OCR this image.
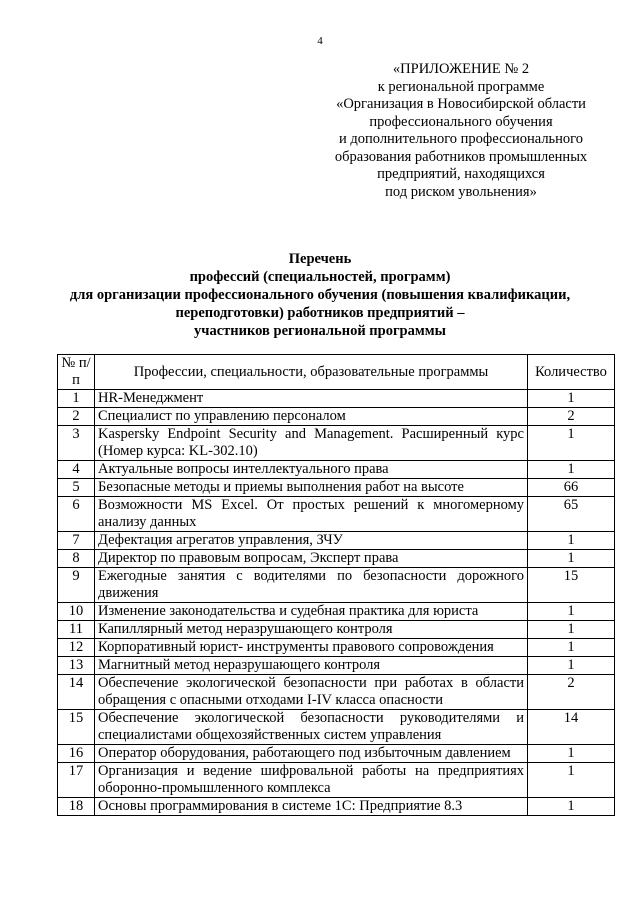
4
«ПРИЛОЖЕНИЕ № 2
к региональной программе
«Организация в Новосибирской области
профессионального обучения
и дополнительного профессионального
образования работников промышленных
предприятий, находящихся
под риском увольнения»
Перечень
профессий (специальностей, программ)
для организации профессионального обучения (повышения квалификации,
переподготовки) работников предприятий –
участников региональной программы
№ п/п	Профессии, специальности, образовательные программы	Количество
1	HR-Менеджмент	1
2	Специалист по управлению персоналом	2
3	Kaspersky Endpoint Security and Management. Расширенный курс (Номер курса: KL-302.10)	1
4	Актуальные вопросы интеллектуального права	1
5	Безопасные методы и приемы выполнения работ на высоте	66
6	Возможности MS Excel. От простых решений к многомерному анализу данных	65
7	Дефектация агрегатов управления, ЗЧУ	1
8	Директор по правовым вопросам, Эксперт права	1
9	Ежегодные занятия с водителями по безопасности дорожного движения	15
10	Изменение законодательства и судебная практика для юриста	1
11	Капиллярный метод неразрушающего контроля	1
12	Корпоративный юрист- инструменты правового сопровождения	1
13	Магнитный метод неразрушающего контроля	1
14	Обеспечение экологической безопасности при работах в области обращения с опасными отходами I-IV класса опасности	2
15	Обеспечение экологической безопасности руководителями и специалистами общехозяйственных систем управления	14
16	Оператор оборудования, работающего под избыточным давлением	1
17	Организация и ведение шифровальной работы на предприятиях оборонно-промышленного комплекса	1
18	Основы программирования в системе 1С: Предприятие 8.3	1
